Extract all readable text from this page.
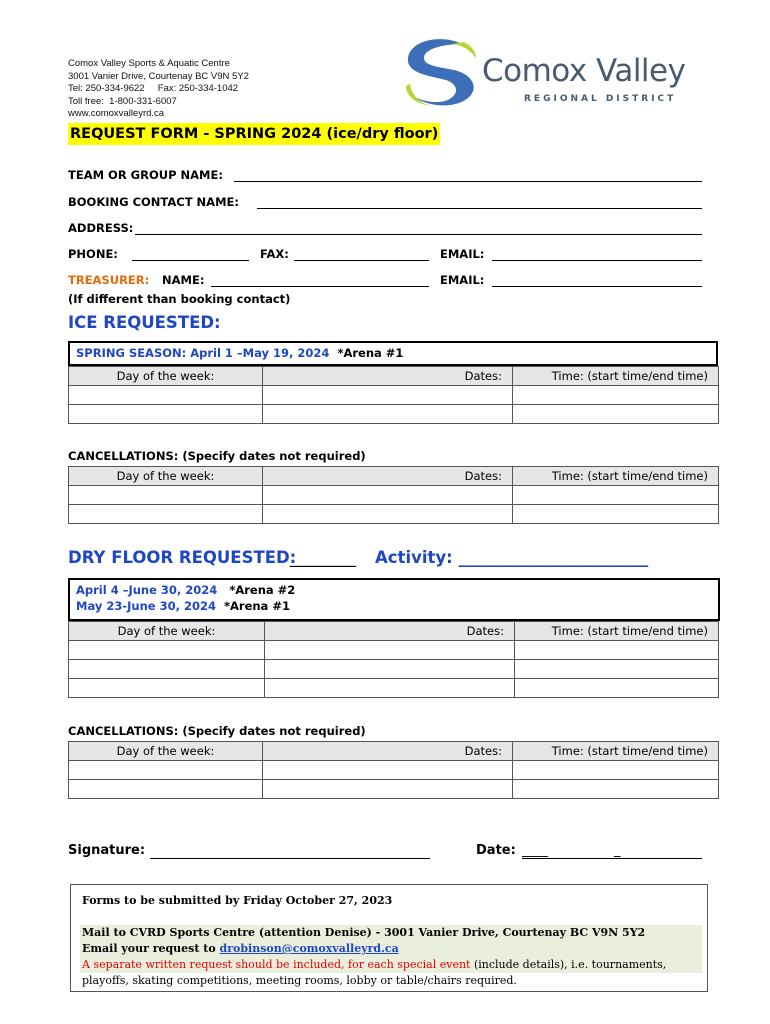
Comox Valley Sports & Aquatic Centre
3001 Vanier Drive, Courtenay BC V9N 5Y2
Tel: 250-334-9622     Fax: 250-334-1042
Toll free:  1-800-331-6007
www.comoxvalleyrd.ca
Comox Valley
REGIONAL DISTRICT
REQUEST FORM - SPRING 2024 (ice/dry floor)
TEAM OR GROUP NAME:
BOOKING CONTACT NAME:
ADDRESS:
PHONE:	FAX:	EMAIL:
TREASURER: NAME:	EMAIL:
(If different than booking contact)
ICE REQUESTED:
SPRING SEASON: April 1 –May 19, 2024 *Arena #1
Day of the week:	Dates:	Time: (start time/end time)

CANCELLATIONS: (Specify dates not required)
Day of the week:	Dates:	Time: (start time/end time)

DRY FLOOR REQUESTED:
________ Activity: _______________________
April 4 –June 30, 2024 *Arena #2
May 23-June 30, 2024 *Arena #1
Day of the week:	Dates:	Time: (start time/end time)

CANCELLATIONS: (Specify dates not required)
Day of the week:	Dates:	Time: (start time/end time)

Signature:	Date: ____	_
Forms to be submitted by Friday October 27, 2023
Mail to CVRD Sports Centre (attention Denise) - 3001 Vanier Drive, Courtenay BC V9N 5Y2
Email your request to drobinson@comoxvalleyrd.ca
A separate written request should be included, for each special event (include details), i.e. tournaments,
playoffs, skating competitions, meeting rooms, lobby or table/chairs required.
